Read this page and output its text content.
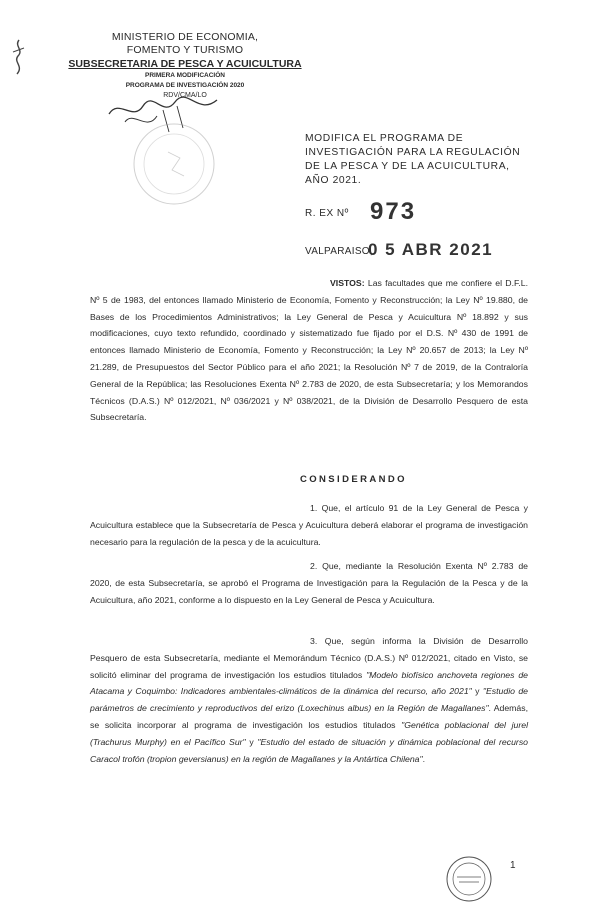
MINISTERIO DE ECONOMIA,
FOMENTO Y TURISMO
SUBSECRETARIA DE PESCA Y ACUICULTURA
PRIMERA MODIFICACIÓN
PROGRAMA DE INVESTIGACIÓN 2020
RDV/CMA/LO
MODIFICA EL PROGRAMA DE INVESTIGACIÓN PARA LA REGULACIÓN DE LA PESCA Y DE LA ACUICULTURA, AÑO 2021.
R. EX Nº 973
VALPARAISO,
0 5 ABR 2021
VISTOS: Las facultades que me confiere el D.F.L. Nº 5 de 1983, del entonces llamado Ministerio de Economía, Fomento y Reconstrucción; la Ley Nº 19.880, de Bases de los Procedimientos Administrativos; la Ley General de Pesca y Acuicultura Nº 18.892 y sus modificaciones, cuyo texto refundido, coordinado y sistematizado fue fijado por el D.S. Nº 430 de 1991 de entonces llamado Ministerio de Economía, Fomento y Reconstrucción; la Ley Nº 20.657 de 2013; la Ley Nº 21.289, de Presupuestos del Sector Público para el año 2021; la Resolución Nº 7 de 2019, de la Contraloría General de la República; las Resoluciones Exenta Nº 2.783 de 2020, de esta Subsecretaría; y los Memorandos Técnicos (D.A.S.) Nº 012/2021, Nº 036/2021 y Nº 038/2021, de la División de Desarrollo Pesquero de esta Subsecretaría.
CONSIDERANDO
1. Que, el artículo 91 de la Ley General de Pesca y Acuicultura establece que la Subsecretaría de Pesca y Acuicultura deberá elaborar el programa de investigación necesario para la regulación de la pesca y de la acuicultura.
2. Que, mediante la Resolución Exenta Nº 2.783 de 2020, de esta Subsecretaría, se aprobó el Programa de Investigación para la Regulación de la Pesca y de la Acuicultura, año 2021, conforme a lo dispuesto en la Ley General de Pesca y Acuicultura.
3. Que, según informa la División de Desarrollo Pesquero de esta Subsecretaría, mediante el Memorándum Técnico (D.A.S.) Nº 012/2021, citado en Visto, se solicitó eliminar del programa de investigación los estudios titulados "Modelo biofísico anchoveta regiones de Atacama y Coquimbo: Indicadores ambientales-climáticos de la dinámica del recurso, año 2021" y "Estudio de parámetros de crecimiento y reproductivos del erizo (Loxechinus albus) en la Región de Magallanes". Además, se solicita incorporar al programa de investigación los estudios titulados "Genética poblacional del jurel (Trachurus Murphy) en el Pacífico Sur" y "Estudio del estado de situación y dinámica poblacional del recurso Caracol trofón (tropion geversianus) en la región de Magallanes y la Antártica Chilena".
1
